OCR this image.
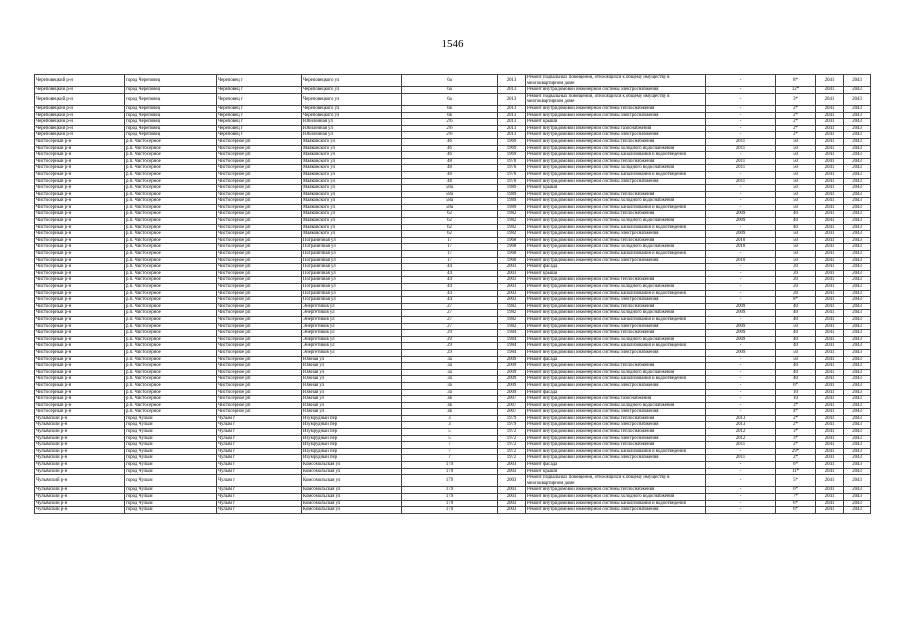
1546
Череповецкий р-н	город Череповец	Череповец г	Череповецкого ул	6а	2013	Ремонт подвальных помещений, относящихся к общему имуществу в многоквартирном доме	-	8*	2041	2043
Череповецкий р-н	город Череповец	Череповец г	Череповецкого ул	6а	2013	Ремонт внутридомовой инженерной системы электроснабжения	-	12*	2041	2043
Череповецкий р-н	город Череповец	Череповец г	Череповецкого ул	6а	2013	Ремонт подвальных помещений, относящихся к общему имуществу в многоквартирном доме	-	3*	2041	2043
Череповецкий р-н	город Череповец	Череповец г	Череповецкого ул	6в	2013	Ремонт внутридомовой инженерной системы теплоснабжения	-	2*	2041	2043
Череповецкий р-н	город Череповец	Череповец г	Череповецкого ул	6в	2013	Ремонт внутридомовой инженерной системы электроснабжения	-	2*	2041	2043
Череповецкий р-н	город Череповец	Череповец г	Юбилейная ул	2/6	2013	Ремонт крыши	-	2*	2041	2043
Череповецкий р-н	город Череповец	Череповец г	Юбилейная ул	2/6	2013	Ремонт внутридомовой инженерной системы газоснабжения	-	2*	2041	2043
Череповецкий р-н	город Череповец	Череповец г	Юбилейная ул	2/6	2013	Ремонт внутридомовой инженерной системы электроснабжения	-	2*	2041	2043
Чистосерный р-н	р.п. Чистосерное	Чистосерное рп	Маяковского ул	46	1969	Ремонт внутридомовой инженерной системы теплоснабжения	2011	50	2041	2043
Чистосерный р-н	р.п. Чистосерное	Чистосерное рп	Маяковского ул	46	1969	Ремонт внутридомовой инженерной системы холодного водоснабжения	2011	50	2041	2043
Чистосерный р-н	р.п. Чистосерное	Чистосерное рп	Маяковского ул	46	1969	Ремонт внутридомовой инженерной системы канализования и водоотведения	-	50	2041	2043
Чистосерный р-н	р.п. Чистосерное	Чистосерное рп	Маяковского ул	48	1970	Ремонт внутридомовой инженерной системы теплоснабжения	2011	50	2041	2043
Чистосерный р-н	р.п. Чистосерное	Чистосерное рп	Маяковского ул	48	1970	Ремонт внутридомовой инженерной системы холодного водоснабжения	2011	50	2041	2043
Чистосерный р-н	р.п. Чистосерное	Чистосерное рп	Маяковского ул	48	1970	Ремонт внутридомовой инженерной системы канализования и водоотведения	-	50	2041	2043
Чистосерный р-н	р.п. Чистосерное	Чистосерное рп	Маяковского ул	48	1970	Ремонт внутридомовой инженерной системы электроснабжения	2011	50	2041	2043
Чистосерный р-н	р.п. Чистосерное	Чистосерное рп	Маяковского ул	58а	1989	Ремонт крыши	-	50	2041	2043
Чистосерный р-н	р.п. Чистосерное	Чистосерное рп	Маяковского ул	58а	1989	Ремонт внутридомовой инженерной системы теплоснабжения	-	50	2041	2043
Чистосерный р-н	р.п. Чистосерное	Чистосерное рп	Маяковского ул	58а	1989	Ремонт внутридомовой инженерной системы холодного водоснабжения	-	50	2041	2043
Чистосерный р-н	р.п. Чистосерное	Чистосерное рп	Маяковского ул	58а	1989	Ремонт внутридомовой инженерной системы канализования и водоотведения	-	50	2041	2043
Чистосерный р-н	р.п. Чистосерное	Чистосерное рп	Маяковского ул	62	1982	Ремонт внутридомовой инженерной системы теплоснабжения	2009	40	2041	2043
Чистосерный р-н	р.п. Чистосерное	Чистосерное рп	Маяковского ул	62	1982	Ремонт внутридомовой инженерной системы холодного водоснабжения	2009	40	2041	2043
Чистосерный р-н	р.п. Чистосерное	Чистосерное рп	Маяковского ул	62	1982	Ремонт внутридомовой инженерной системы канализования и водоотведения	-	40	2041	2043
Чистосерный р-н	р.п. Чистосерное	Чистосерное рп	Маяковского ул	62	1982	Ремонт внутридомовой инженерной системы электроснабжения	2009	50	2041	2043
Чистосерный р-н	р.п. Чистосерное	Чистосерное рп	Пограничная ул	17	1968	Ремонт внутридомовой инженерной системы теплоснабжения	2010	50	2041	2043
Чистосерный р-н	р.п. Чистосерное	Чистосерное рп	Пограничная ул	17	1968	Ремонт внутридомовой инженерной системы холодного водоснабжения	2010	50	2041	2043
Чистосерный р-н	р.п. Чистосерное	Чистосерное рп	Пограничная ул	17	1968	Ремонт внутридомовой инженерной системы канализования и водоотведения	-	50	2041	2043
Чистосерный р-н	р.п. Чистосерное	Чистосерное рп	Пограничная ул	17	1968	Ремонт внутридомовой инженерной системы электроснабжения	2010	50	2041	2043
Чистосерный р-н	р.п. Чистосерное	Чистосерное рп	Пограничная ул	44	2003	Ремонт фасада	-	20	2041	2043
Чистосерный р-н	р.п. Чистосерное	Чистосерное рп	Пограничная ул	44	2003	Ремонт крыши	-	20	2041	2043
Чистосерный р-н	р.п. Чистосерное	Чистосерное рп	Пограничная ул	44	2003	Ремонт внутридомовой инженерной системы теплоснабжения	-	20	2041	2043
Чистосерный р-н	р.п. Чистосерное	Чистосерное рп	Пограничная ул	44	2003	Ремонт внутридомовой инженерной системы холодного водоснабжения	-	20	2041	2043
Чистосерный р-н	р.п. Чистосерное	Чистосерное рп	Пограничная ул	44	2003	Ремонт внутридомовой инженерной системы канализования и водоотведения	-	20	2041	2043
Чистосерный р-н	р.п. Чистосерное	Чистосерное рп	Пограничная ул	44	2003	Ремонт внутридомовой инженерной системы электроснабжения	-	8*	2041	2043
Чистосерный р-н	р.п. Чистосерное	Чистосерное рп	Энергетиков ул	27	1982	Ремонт внутридомовой инженерной системы теплоснабжения	2009	40	2041	2043
Чистосерный р-н	р.п. Чистосерное	Чистосерное рп	Энергетиков ул	27	1982	Ремонт внутридомовой инженерной системы холодного водоснабжения	2009	40	2041	2043
Чистосерный р-н	р.п. Чистосерное	Чистосерное рп	Энергетиков ул	27	1982	Ремонт внутридомовой инженерной системы канализования и водоотведения	-	40	2041	2043
Чистосерный р-н	р.п. Чистосерное	Чистосерное рп	Энергетиков ул	27	1982	Ремонт внутридомовой инженерной системы электроснабжения	2009	50	2041	2043
Чистосерный р-н	р.п. Чистосерное	Чистосерное рп	Энергетиков ул	29	1984	Ремонт внутридомовой инженерной системы теплоснабжения	2009	40	2041	2043
Чистосерный р-н	р.п. Чистосерное	Чистосерное рп	Энергетиков ул	29	1984	Ремонт внутридомовой инженерной системы холодного водоснабжения	2009	40	2041	2043
Чистосерный р-н	р.п. Чистосерное	Чистосерное рп	Энергетиков ул	29	1984	Ремонт внутридомовой инженерной системы канализования и водоотведения	-	40	2041	2043
Чистосерный р-н	р.п. Чистосерное	Чистосерное рп	Энергетиков ул	29	1984	Ремонт внутридомовой инженерной системы электроснабжения	2009	50	2041	2043
Чистосерный р-н	р.п. Чистосерное	Чистосерное рп	Южная ул	3а	2009	Ремонт фасада	-	50	2041	2043
Чистосерный р-н	р.п. Чистосерное	Чистосерное рп	Южная ул	3а	2009	Ремонт внутридомовой инженерной системы теплоснабжения	-	40	2041	2043
Чистосерный р-н	р.п. Чистосерное	Чистосерное рп	Южная ул	3а	2009	Ремонт внутридомовой инженерной системы холодного водоснабжения	-	40	2041	2043
Чистосерный р-н	р.п. Чистосерное	Чистосерное рп	Южная ул	3а	2009	Ремонт внутридомовой инженерной системы канализования и водоотведения	-	40	2041	2043
Чистосерный р-н	р.п. Чистосерное	Чистосерное рп	Южная ул	3а	2009	Ремонт внутридомовой инженерной системы электроснабжения	-	6*	2041	2043
Чистосерный р-н	р.п. Чистосерное	Чистосерное рп	Южная ул	3а	2009	Ремонт фасада	-	10	2041	2043
Чистосерный р-н	р.п. Чистосерное	Чистосерное рп	Южная ул	3в	2007	Ремонт внутридомовой инженерной системы газоснабжения	-	10	2041	2043
Чистосерный р-н	р.п. Чистосерное	Чистосерное рп	Южная ул	3в	2007	Ремонт внутридомовой инженерной системы холодного водоснабжения	-	3*	2041	2043
Чистосерный р-н	р.п. Чистосерное	Чистосерное рп	Южная ул	3в	2007	Ремонт внутридомовой инженерной системы электроснабжения	-	4*	2041	2043
Чулымский р-н	город Чулым	Чулым г	Изумрудный пер	3	1979	Ремонт внутридомовой инженерной системы теплоснабжения	2013	2*	2041	2043
Чулымский р-н	город Чулым	Чулым г	Изумрудный пер	3	1979	Ремонт внутридомовой инженерной системы электроснабжения	2013	2*	2041	2043
Чулымский р-н	город Чулым	Чулым г	Изумрудный пер	5	1972	Ремонт внутридомовой инженерной системы теплоснабжения	2012	3*	2041	2043
Чулымский р-н	город Чулым	Чулым г	Изумрудный пер	5	1972	Ремонт внутридомовой инженерной системы электроснабжения	2012	3*	2041	2043
Чулымский р-н	город Чулым	Чулым г	Изумрудный пер	7	1972	Ремонт внутридомовой инженерной системы теплоснабжения	2011	2*	2041	2043
Чулымский р-н	город Чулым	Чулым г	Изумрудный пер	7	1972	Ремонт внутридомовой инженерной системы канализования и водоотведения	-	29*	2041	2043
Чулымский р-н	город Чулым	Чулым г	Изумрудный пер	7	1972	Ремонт внутридомовой инженерной системы электроснабжения	2011	2*	2041	2043
Чулымский р-н	город Чулым	Чулым г	Комсомольская ул	179	2003	Ремонт фасада	-	6*	2041	2043
Чулымский р-н	город Чулым	Чулым г	Комсомольская ул	179	2003	Ремонт крыши	-	11*	2041	2043
Чулымский р-н	город Чулым	Чулым г	Комсомольская ул	179	2003	Ремонт подвальных помещений, относящихся к общему имуществу в многоквартирном доме	-	5*	2041	2043
Чулымский р-н	город Чулым	Чулым г	Комсомольская ул	179	2003	Ремонт внутридомовой инженерной системы теплоснабжения	-	6*	2041	2043
Чулымский р-н	город Чулым	Чулым г	Комсомольская ул	179	2003	Ремонт внутридомовой инженерной системы холодного водоснабжения	-	7*	2041	2043
Чулымский р-н	город Чулым	Чулым г	Комсомольская ул	179	2003	Ремонт внутридомовой инженерной системы канализования и водоотведения	-	6*	2041	2043
Чулымский р-н	город Чулым	Чулым г	Комсомольская ул	179	2003	Ремонт внутридомовой инженерной системы электроснабжения	-	6*	2041	2043
